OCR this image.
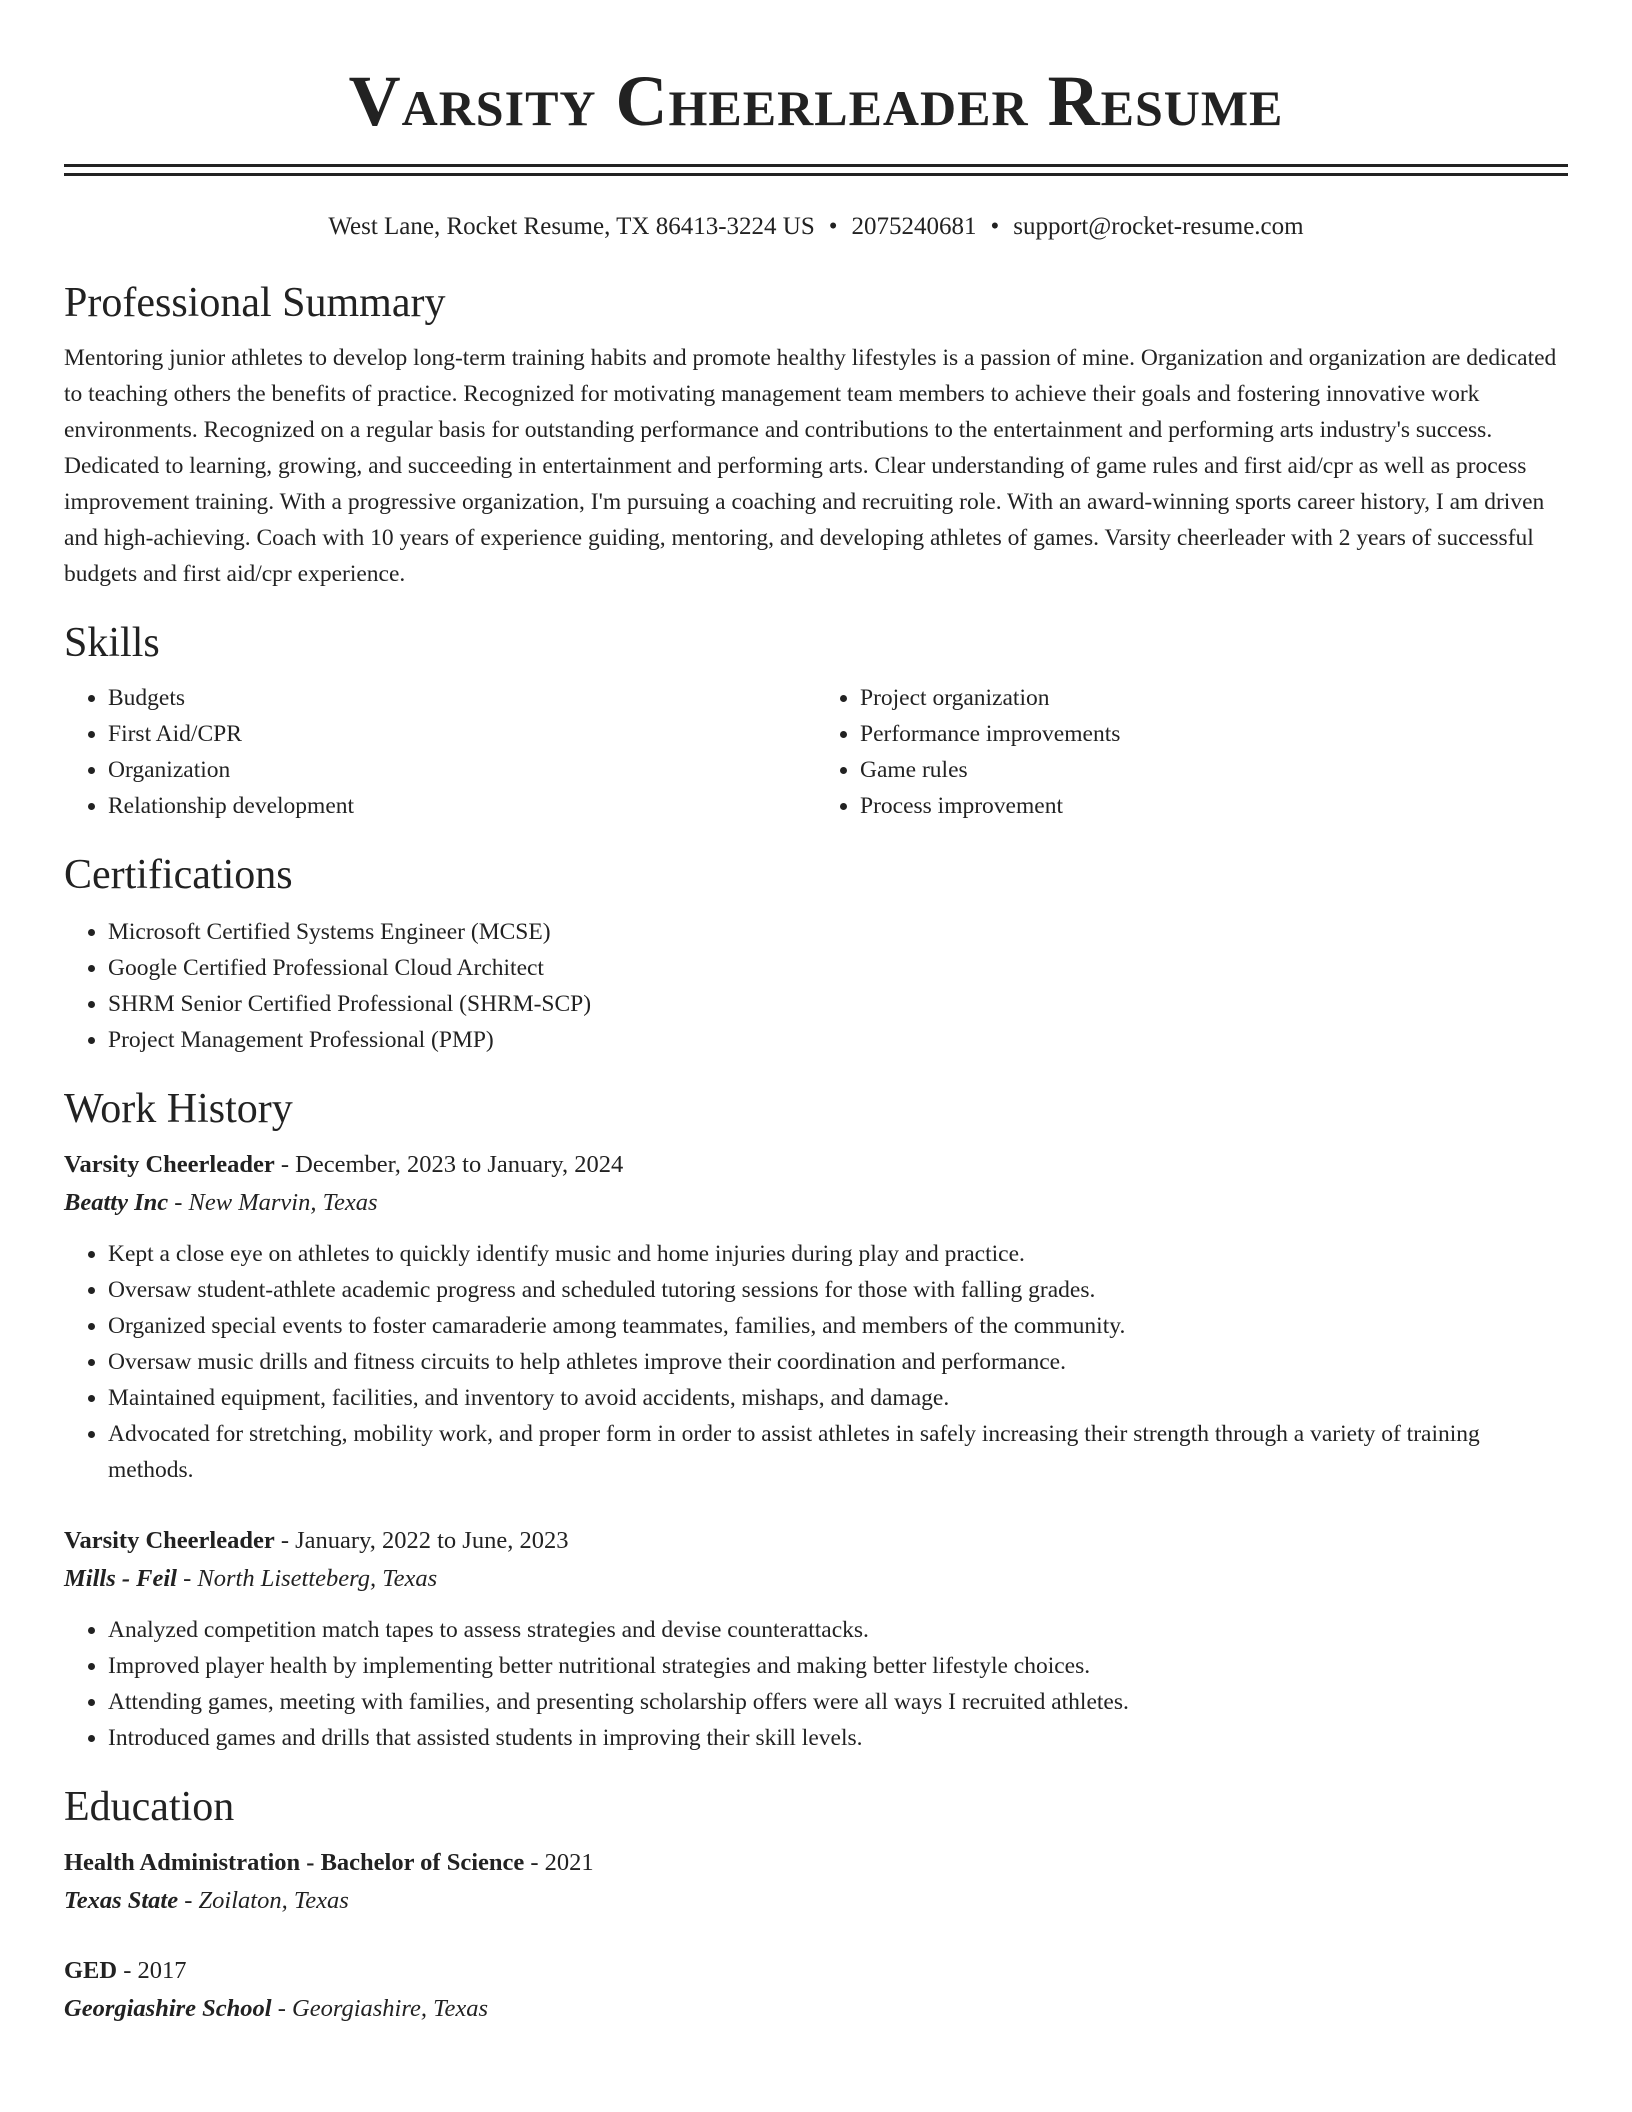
Varsity Cheerleader Resume
West Lane, Rocket Resume, TX 86413-3224 US • 2075240681 • support@rocket-resume.com
Professional Summary

Mentoring junior athletes to develop long-term training habits and promote healthy lifestyles is a passion of mine. Organization and organization are dedicated to teaching others the benefits of practice. Recognized for motivating management team members to achieve their goals and fostering innovative work environments. Recognized on a regular basis for outstanding performance and contributions to the entertainment and performing arts industry's success. Dedicated to learning, growing, and succeeding in entertainment and performing arts. Clear understanding of game rules and first aid/cpr as well as process improvement training. With a progressive organization, I'm pursuing a coaching and recruiting role. With an award-winning sports career history, I am driven and high-achieving. Coach with 10 years of experience guiding, mentoring, and developing athletes of games. Varsity cheerleader with 2 years of successful budgets and first aid/cpr experience.

Skills
• Budgets
• First Aid/CPR
• Organization
• Relationship development
• Project organization
• Performance improvements
• Game rules
• Process improvement
Certifications
• Microsoft Certified Systems Engineer (MCSE)
• Google Certified Professional Cloud Architect
• SHRM Senior Certified Professional (SHRM-SCP)
• Project Management Professional (PMP)
Work History
Varsity Cheerleader - December, 2023 to January, 2024
Beatty Inc - New Marvin, Texas
• Kept a close eye on athletes to quickly identify music and home injuries during play and practice.
• Oversaw student-athlete academic progress and scheduled tutoring sessions for those with falling grades.
• Organized special events to foster camaraderie among teammates, families, and members of the community.
• Oversaw music drills and fitness circuits to help athletes improve their coordination and performance.
• Maintained equipment, facilities, and inventory to avoid accidents, mishaps, and damage.
• Advocated for stretching, mobility work, and proper form in order to assist athletes in safely increasing their strength through a variety of training methods.
Varsity Cheerleader - January, 2022 to June, 2023
Mills - Feil - North Lisetteberg, Texas
• Analyzed competition match tapes to assess strategies and devise counterattacks.
• Improved player health by implementing better nutritional strategies and making better lifestyle choices.
• Attending games, meeting with families, and presenting scholarship offers were all ways I recruited athletes.
• Introduced games and drills that assisted students in improving their skill levels.
Education
Health Administration - Bachelor of Science - 2021
Texas State - Zoilaton, Texas
GED - 2017
Georgiashire School - Georgiashire, Texas
